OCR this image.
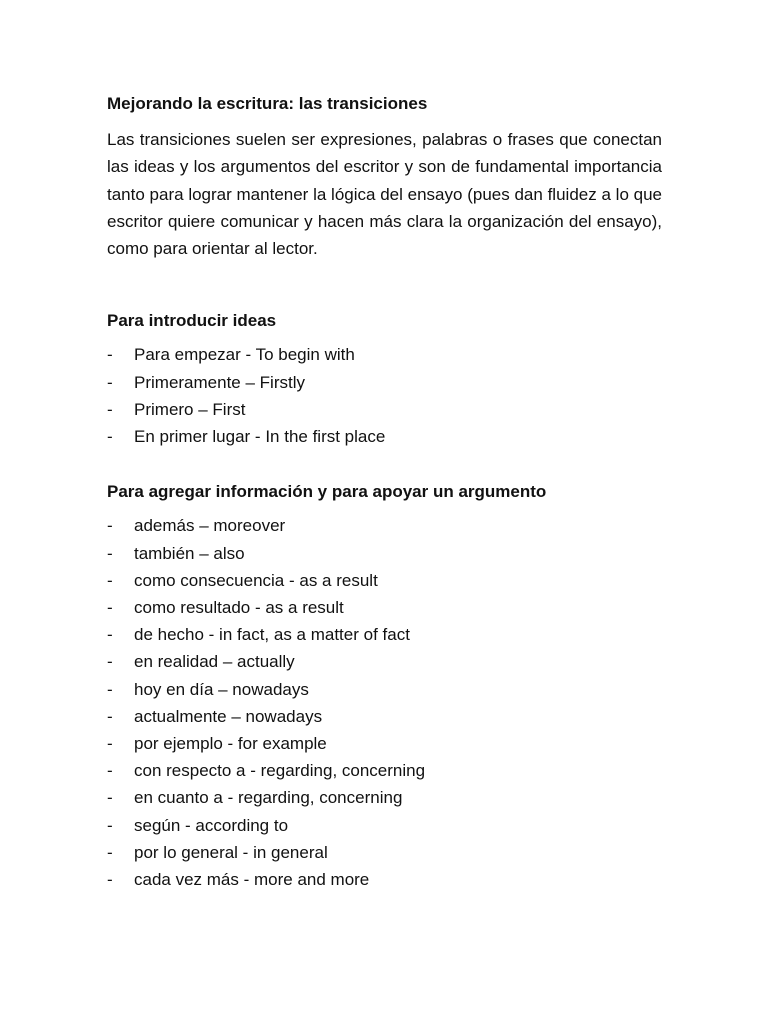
Mejorando la escritura: las transiciones

Las transiciones suelen ser expresiones, palabras o frases que conectan las ideas y los argumentos del escritor y son de fundamental importancia tanto para lograr mantener la lógica del ensayo (pues dan fluidez a lo que escritor quiere comunicar y hacen más clara la organización del ensayo), como para orientar al lector.

Para introducir ideas
- Para empezar - To begin with
- Primeramente – Firstly
- Primero – First
- En primer lugar - In the first place
Para agregar información y para apoyar un argumento
- además – moreover
- también – also
- como consecuencia - as a result
- como resultado - as a result
- de hecho - in fact, as a matter of fact
- en realidad – actually
- hoy en día – nowadays
- actualmente – nowadays
- por ejemplo - for example
- con respecto a - regarding, concerning
- en cuanto a - regarding, concerning
- según - according to
- por lo general - in general
- cada vez más - more and more
